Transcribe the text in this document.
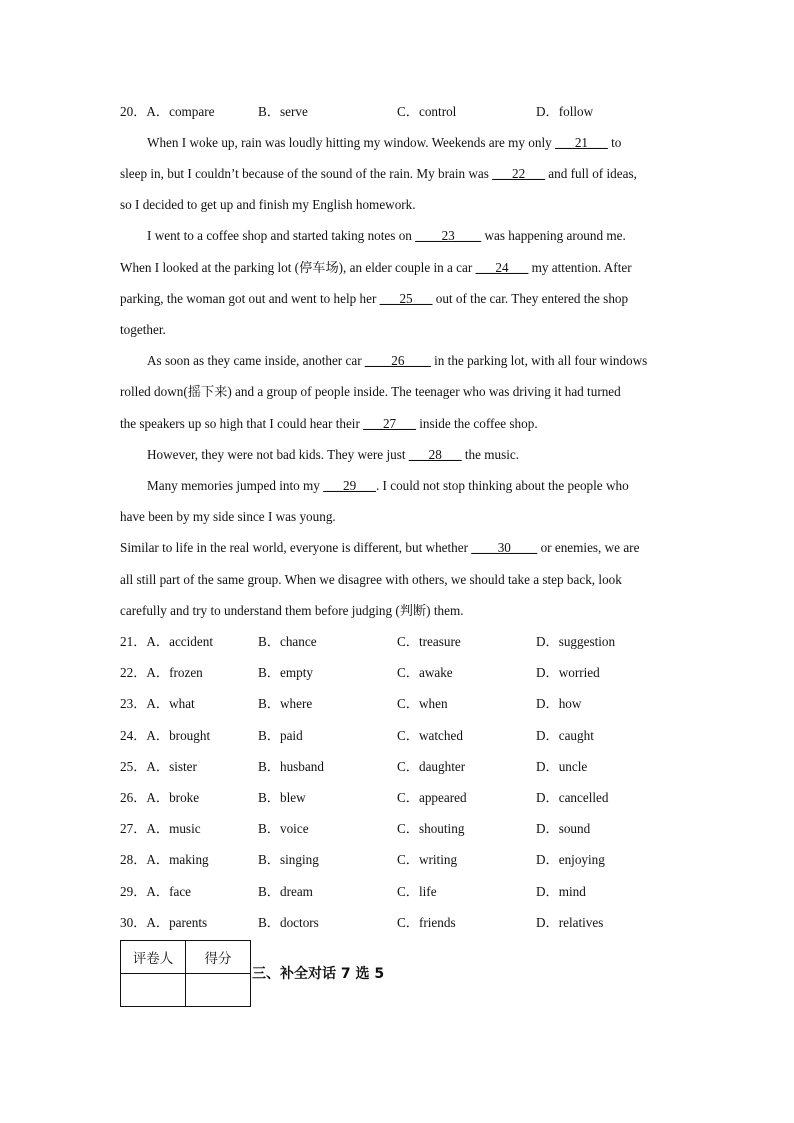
20．A．compare	B．serve	C．control	D．follow
When I woke up, rain was loudly hitting my window. Weekends are my only ___21___ to
sleep in, but I couldn’t because of the sound of the rain. My brain was ___22___ and full of ideas,
so I decided to get up and finish my English homework.
I went to a coffee shop and started taking notes on ____23____ was happening around me.
When I looked at the parking lot (停车场), an elder couple in a car ___24___ my attention. After
parking, the woman got out and went to help her ___25___ out of the car. They entered the shop
together.
As soon as they came inside, another car ____26____ in the parking lot, with all four windows
rolled down(摇下来) and a group of people inside. The teenager who was driving it had turned
the speakers up so high that I could hear their ___27___ inside the coffee shop.
However, they were not bad kids. They were just ___28___ the music.
Many memories jumped into my ___29___. I could not stop thinking about the people who
have been by my side since I was young.
Similar to life in the real world, everyone is different, but whether ____30____ or enemies, we are
all still part of the same group. When we disagree with others, we should take a step back, look
carefully and try to understand them before judging (判断) them.
21．A．accident	B．chance	C．treasure	D．suggestion
22．A．frozen	B．empty	C．awake	D．worried
23．A．what	B．where	C．when	D．how
24．A．brought	B．paid	C．watched	D．caught
25．A．sister	B．husband	C．daughter	D．uncle
26．A．broke	B．blew	C．appeared	D．cancelled
27．A．music	B．voice	C．shouting	D．sound
28．A．making	B．singing	C．writing	D．enjoying
29．A．face	B．dream	C．life	D．mind
30．A．parents	B．doctors	C．friends	D．relatives
评卷人	得分

三、补全对话 7 选 5
